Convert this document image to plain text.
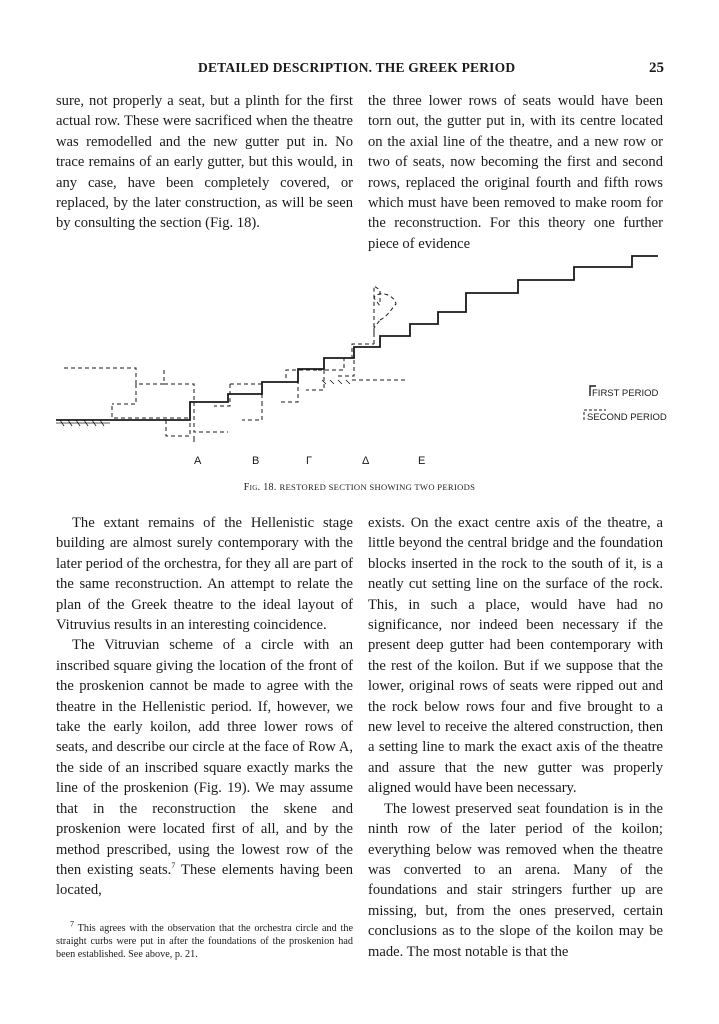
DETAILED DESCRIPTION. THE GREEK PERIOD	25

sure, not properly a seat, but a plinth for the first actual row. These were sacrificed when the theatre was remodelled and the new gutter put in. No trace remains of an early gutter, but this would, in any case, have been completely covered, or replaced, by the later construction, as will be seen by consulting the section (Fig. 18).

the three lower rows of seats would have been torn out, the gutter put in, with its centre located on the axial line of the theatre, and a new row or two of seats, now becoming the first and second rows, replaced the original fourth and fifth rows which must have been removed to make room for the reconstruction. For this theory one further piece of evidence

A	B	Γ	Δ	E
FIRST PERIOD
SECOND PERIOD
Fig. 18. RESTORED SECTION SHOWING TWO PERIODS

The extant remains of the Hellenistic stage building are almost surely contemporary with the later period of the orchestra, for they all are part of the same reconstruction. An attempt to relate the plan of the Greek theatre to the ideal layout of Vitruvius results in an interesting coincidence.

The Vitruvian scheme of a circle with an inscribed square giving the location of the front of the proskenion cannot be made to agree with the theatre in the Hellenistic period. If, however, we take the early koilon, add three lower rows of seats, and describe our circle at the face of Row A, the side of an inscribed square exactly marks the line of the proskenion (Fig. 19). We may assume that in the reconstruction the skene and proskenion were located first of all, and by the method prescribed, using the lowest row of the then existing seats.$^7$ These elements having been located,

$^7$ This agrees with the observation that the orchestra circle and the straight curbs were put in after the foundations of the proskenion had been established. See above, p. 21.

exists. On the exact centre axis of the theatre, a little beyond the central bridge and the foundation blocks inserted in the rock to the south of it, is a neatly cut setting line on the surface of the rock. This, in such a place, would have had no significance, nor indeed been necessary if the present deep gutter had been contemporary with the rest of the koilon. But if we suppose that the lower, original rows of seats were ripped out and the rock below rows four and five brought to a new level to receive the altered construction, then a setting line to mark the exact axis of the theatre and assure that the new gutter was properly aligned would have been necessary.

The lowest preserved seat foundation is in the ninth row of the later period of the koilon; everything below was removed when the theatre was converted to an arena. Many of the foundations and stair stringers further up are missing, but, from the ones preserved, certain conclusions as to the slope of the koilon may be made. The most notable is that the
